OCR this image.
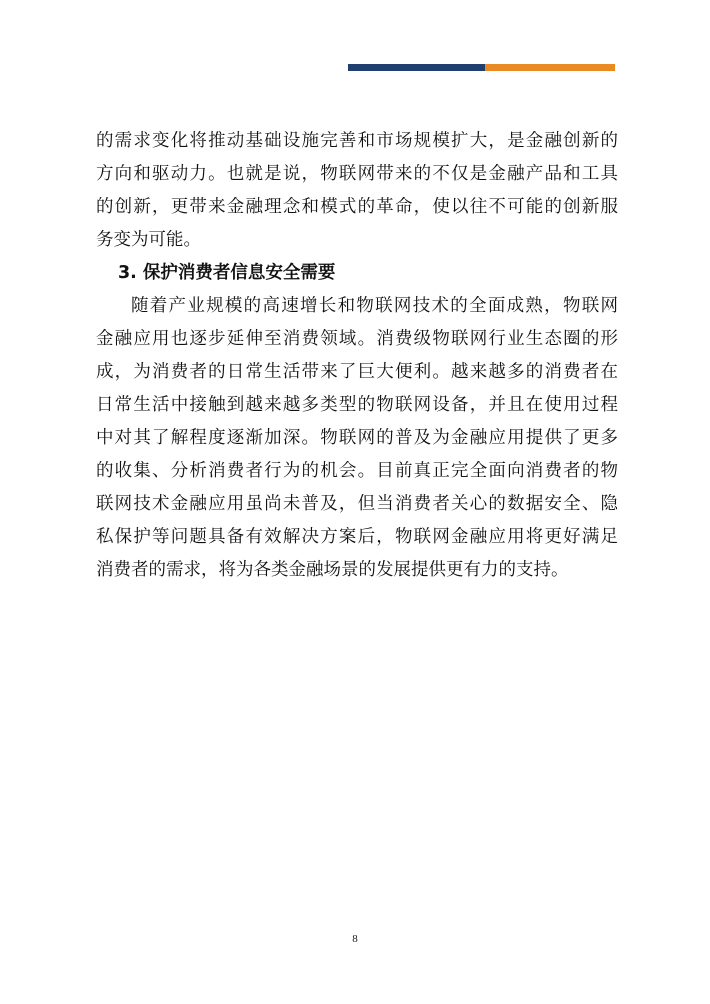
的需求变化将推动基础设施完善和市场规模扩大，是金融创新的
方向和驱动力。也就是说，物联网带来的不仅是金融产品和工具
的创新，更带来金融理念和模式的革命，使以往不可能的创新服
务变为可能。
3. 保护消费者信息安全需要
随着产业规模的高速增长和物联网技术的全面成熟，物联网
金融应用也逐步延伸至消费领域。消费级物联网行业生态圈的形
成，为消费者的日常生活带来了巨大便利。越来越多的消费者在
日常生活中接触到越来越多类型的物联网设备，并且在使用过程
中对其了解程度逐渐加深。物联网的普及为金融应用提供了更多
的收集、分析消费者行为的机会。目前真正完全面向消费者的物
联网技术金融应用虽尚未普及，但当消费者关心的数据安全、隐
私保护等问题具备有效解决方案后，物联网金融应用将更好满足
消费者的需求，将为各类金融场景的发展提供更有力的支持。
8
